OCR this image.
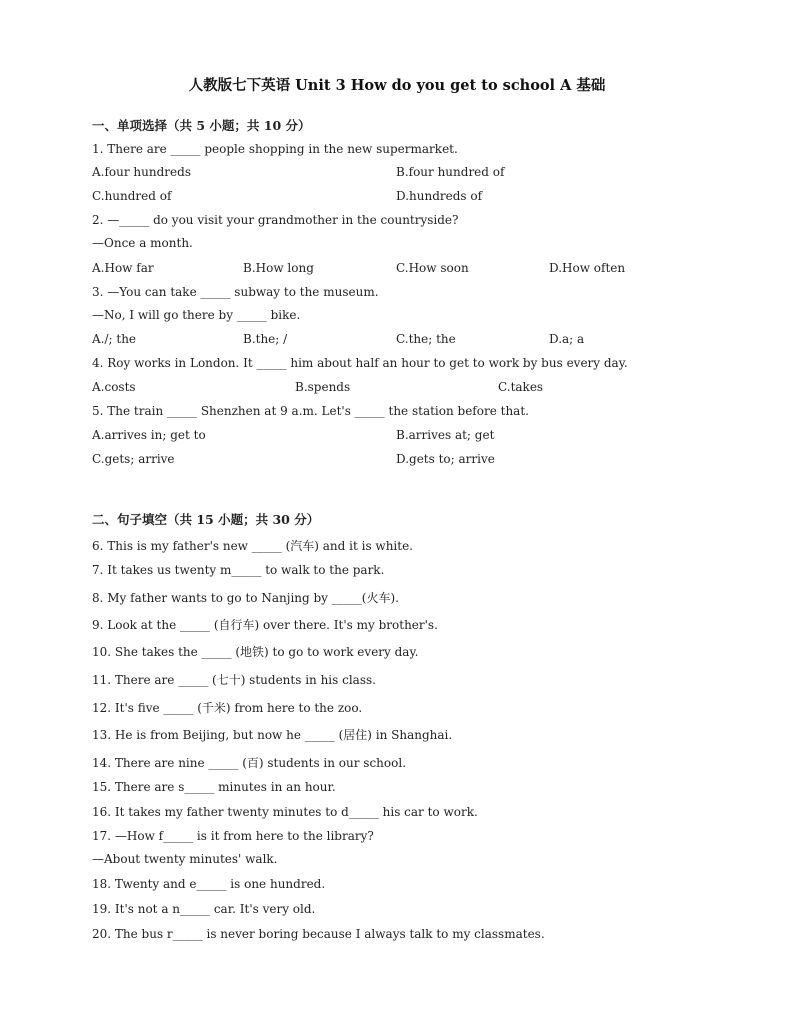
人教版七下英语 Unit 3 How do you get to school A 基础
一、单项选择（共 5 小题；共 10 分）
1. There are _____ people shopping in the new supermarket.
A.four hundreds	B.four hundred of
C.hundred of	D.hundreds of
2. —_____ do you visit your grandmother in the countryside?
—Once a month.
A.How far	B.How long	C.How soon	D.How often
3. —You can take _____ subway to the museum.
—No, I will go there by _____ bike.
A./; the	B.the; /	C.the; the	D.a; a
4. Roy works in London. It _____ him about half an hour to get to work by bus every day.
A.costs	B.spends	C.takes
5. The train _____ Shenzhen at 9 a.m. Let's _____ the station before that.
A.arrives in; get to	B.arrives at; get
C.gets; arrive	D.gets to; arrive
二、句子填空（共 15 小题；共 30 分）
6. This is my father's new _____ (汽车) and it is white.
7. It takes us twenty m_____ to walk to the park.
8. My father wants to go to Nanjing by _____(火车).
9. Look at the _____ (自行车) over there. It's my brother's.
10. She takes the _____ (地铁) to go to work every day.
11. There are _____ (七十) students in his class.
12. It's five _____ (千米) from here to the zoo.
13. He is from Beijing, but now he _____ (居住) in Shanghai.
14. There are nine _____ (百) students in our school.
15. There are s_____ minutes in an hour.
16. It takes my father twenty minutes to d_____ his car to work.
17. —How f_____ is it from here to the library?
—About twenty minutes' walk.
18. Twenty and e_____ is one hundred.
19. It's not a n_____ car. It's very old.
20. The bus r_____ is never boring because I always talk to my classmates.
